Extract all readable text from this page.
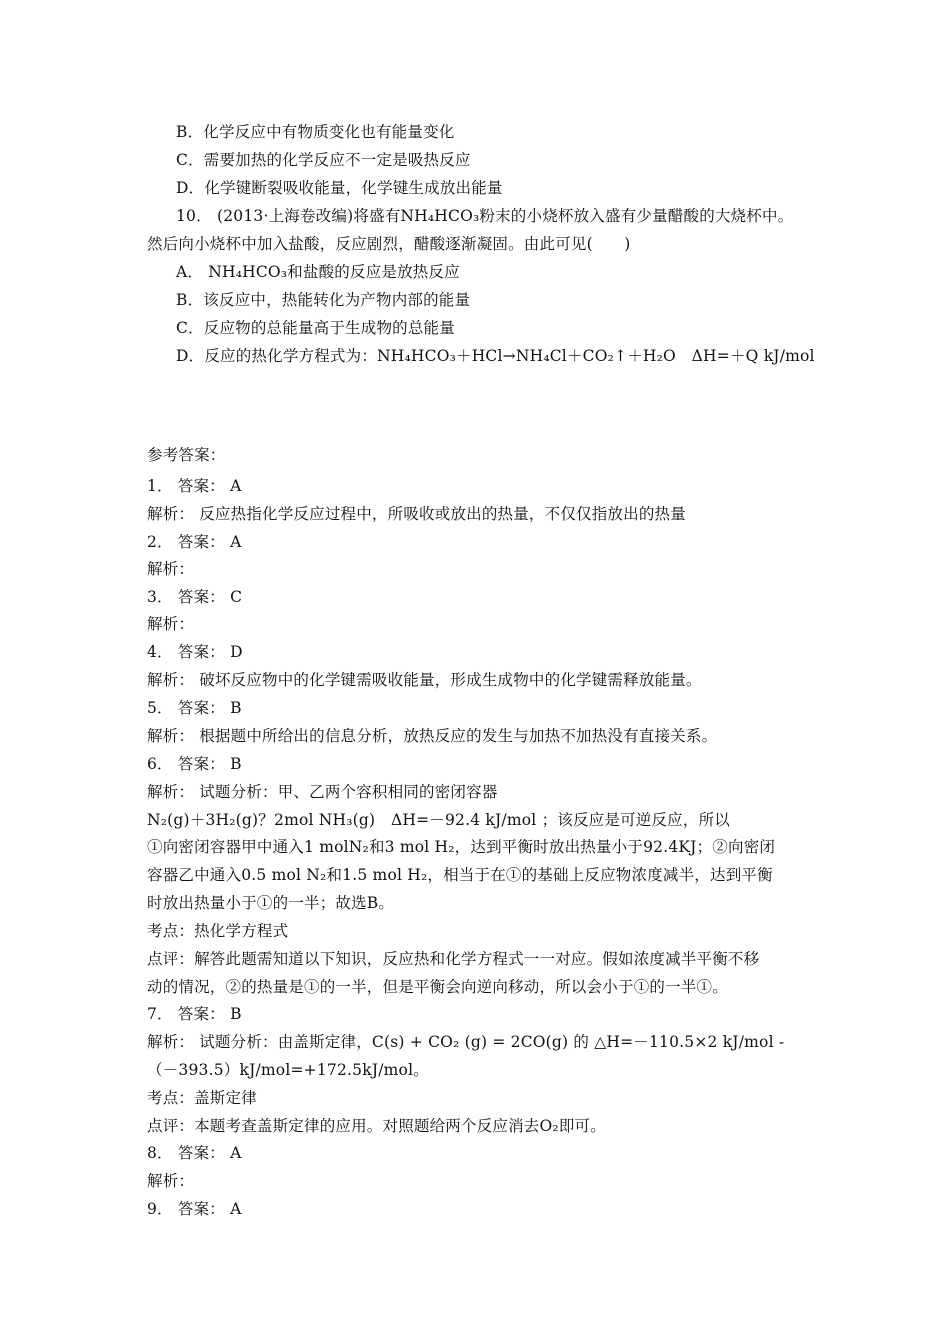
B．化学反应中有物质变化也有能量变化
C．需要加热的化学反应不一定是吸热反应
D．化学键断裂吸收能量，化学键生成放出能量
10． (2013·上海卷改编)将盛有NH₄HCO₃粉末的小烧杯放入盛有少量醋酸的大烧杯中。
然后向小烧杯中加入盐酸，反应剧烈，醋酸逐渐凝固。由此可见(　　)
A． NH₄HCO₃和盐酸的反应是放热反应
B．该反应中，热能转化为产物内部的能量
C．反应物的总能量高于生成物的总能量
D．反应的热化学方程式为：NH₄HCO₃＋HCl→NH₄Cl＋CO₂↑＋H₂O　ΔH=＋Q kJ/mol
参考答案：
1． 答案： A
解析： 反应热指化学反应过程中，所吸收或放出的热量，不仅仅指放出的热量
2． 答案： A
解析：
3． 答案： C
解析：
4． 答案： D
解析： 破坏反应物中的化学键需吸收能量，形成生成物中的化学键需释放能量。
5． 答案： B
解析： 根据题中所给出的信息分析，放热反应的发生与加热不加热没有直接关系。
6． 答案： B
解析： 试题分析：甲、乙两个容积相同的密闭容器
N₂(g)＋3H₂(g)？2mol NH₃(g)　ΔH=－92.4 kJ/mol ；该反应是可逆反应，所以
①向密闭容器甲中通入1 molN₂和3 mol H₂，达到平衡时放出热量小于92.4KJ；②向密闭
容器乙中通入0.5 mol N₂和1.5 mol H₂，相当于在①的基础上反应物浓度减半，达到平衡
时放出热量小于①的一半；故选B。
考点：热化学方程式
点评：解答此题需知道以下知识，反应热和化学方程式一一对应。假如浓度减半平衡不移
动的情况，②的热量是①的一半，但是平衡会向逆向移动，所以会小于①的一半①。
7． 答案： B
解析： 试题分析：由盖斯定律，C(s) + CO₂ (g) = 2CO(g) 的 △H=－110.5×2 kJ/mol -
（－393.5）kJ/mol=+172.5kJ/mol。
考点：盖斯定律
点评：本题考查盖斯定律的应用。对照题给两个反应消去O₂即可。
8． 答案： A
解析：
9． 答案： A
